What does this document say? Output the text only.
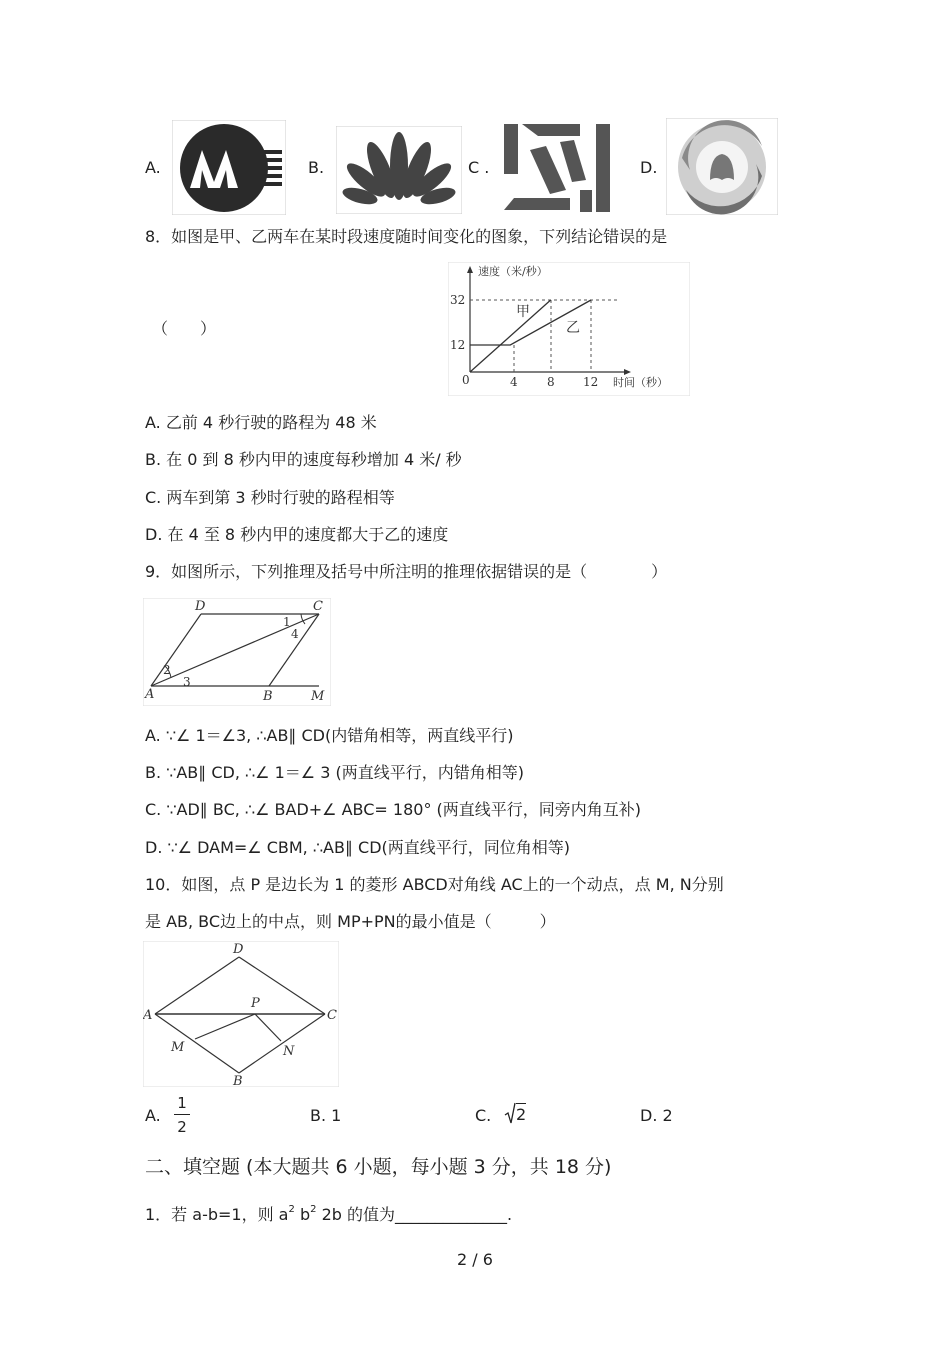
A.	B.	C .	D.
8．如图是甲、乙两车在某时段速度随时间变化的图象，下列结论错误的是
（　　）
速度（米/秒）
32
12
0	4 8 12 时间（秒）
甲
乙
A. 乙前 4 秒行驶的路程为 48 米
B. 在 0 到 8 秒内甲的速度每秒增加 4 米/ 秒
C. 两车到第 3 秒时行驶的路程相等
D. 在 4 至 8 秒内甲的速度都大于乙的速度
9．如图所示，下列推理及括号中所注明的推理依据错误的是（　　　　）
D	C
A	B	M
1
2
3
4
A. ∵∠ 1＝∠3, ∴AB∥ CD(内错角相等，两直线平行)
B. ∵AB∥ CD, ∴∠ 1＝∠ 3 (两直线平行，内错角相等)
C. ∵AD∥ BC, ∴∠ BAD+∠ ABC= 180° (两直线平行，同旁内角互补)
D. ∵∠ DAM=∠ CBM, ∴AB∥ CD(两直线平行，同位角相等)
10．如图，点 P 是边长为 1 的菱形 ABCD对角线 AC上的一个动点，点 M, N分别
是 AB, BC边上的中点，则 MP+PN的最小值是（　　　）
D
A	C
P
M	N
B
A.
1
2
B. 1	C. 2	D. 2
二、填空题 (本大题共 6 小题，每小题 3 分，共 18 分)
1．若 a-b=1，则 $a^2$ $b^2$ 2b 的值为______________.
2 / 6
